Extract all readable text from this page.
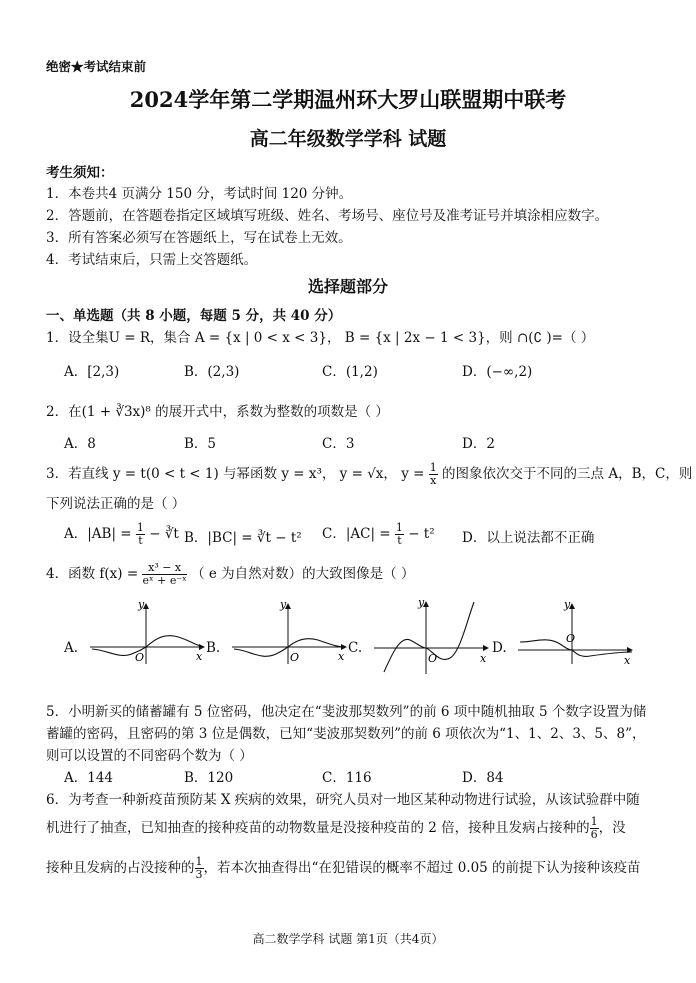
绝密★考试结束前
2024学年第二学期温州环大罗山联盟期中联考
高二年级数学学科 试题
考生须知：
1．本卷共4 页满分 150 分，考试时间 120 分钟。
2．答题前，在答题卷指定区域填写班级、姓名、考场号、座位号及准考证号并填涂相应数字。
3．所有答案必须写在答题纸上，写在试卷上无效。
4．考试结束后，只需上交答题纸。
选择题部分
一、单选题（共 8 小题，每题 5 分，共 40 分）
1．设全集U = R，集合 A = {x | 0 < x < 3}， B = {x | 2x − 1 < 3}，则 ∩(∁ )=（ ）
A．[2,3)	B．(2,3)	C．(1,2)	D．(−∞,2)
2．在(1 + ∛3x)⁸ 的展开式中，系数为整数的项数是（ ）
A．8	B．5	C．3	D．2
3．若直线 y = t(0 < t < 1) 与幂函数 y = x³， y = √x， $y = \frac{1}{x}$ 的图象依次交于不同的三点 A，B，C，则
下列说法正确的是（ ）
A．$|AB| = \frac{1}{t}$ − ∛t B．|BC| = ∛t − t² C．$|AC| = \frac{1}{t} - t^2$ D．以上说法都不正确
4．函数 $f(x) = \frac{\text{x³ − x}}{\text{eˣ + e⁻ˣ}}$ （ e 为自然对数）的大致图像是（ ）
A.
y
x
O
B.
y
x
O
C.
y
x
O
D.
y
x
O
5．小明新买的储蓄罐有 5 位密码，他决定在“斐波那契数列”的前 6 项中随机抽取 5 个数字设置为储
蓄罐的密码，且密码的第 3 位是偶数，已知“斐波那契数列”的前 6 项依次为“1、1、2、3、5、8”，
则可以设置的不同密码个数为（ ）
A．144	B．120	C．116	D．84
6．为考查一种新疫苗预防某 X 疾病的效果，研究人员对一地区某种动物进行试验，从该试验群中随
机进行了抽查，已知抽查的接种疫苗的动物数量是没接种疫苗的 2 倍，接种且发病占接种的 $\frac{1}{6}$ ，没
接种且发病的占没接种的 $\frac{1}{3}$ ，若本次抽查得出“在犯错误的概率不超过 0.05 的前提下认为接种该疫苗
高二数学学科 试题 第1页（共4页）
